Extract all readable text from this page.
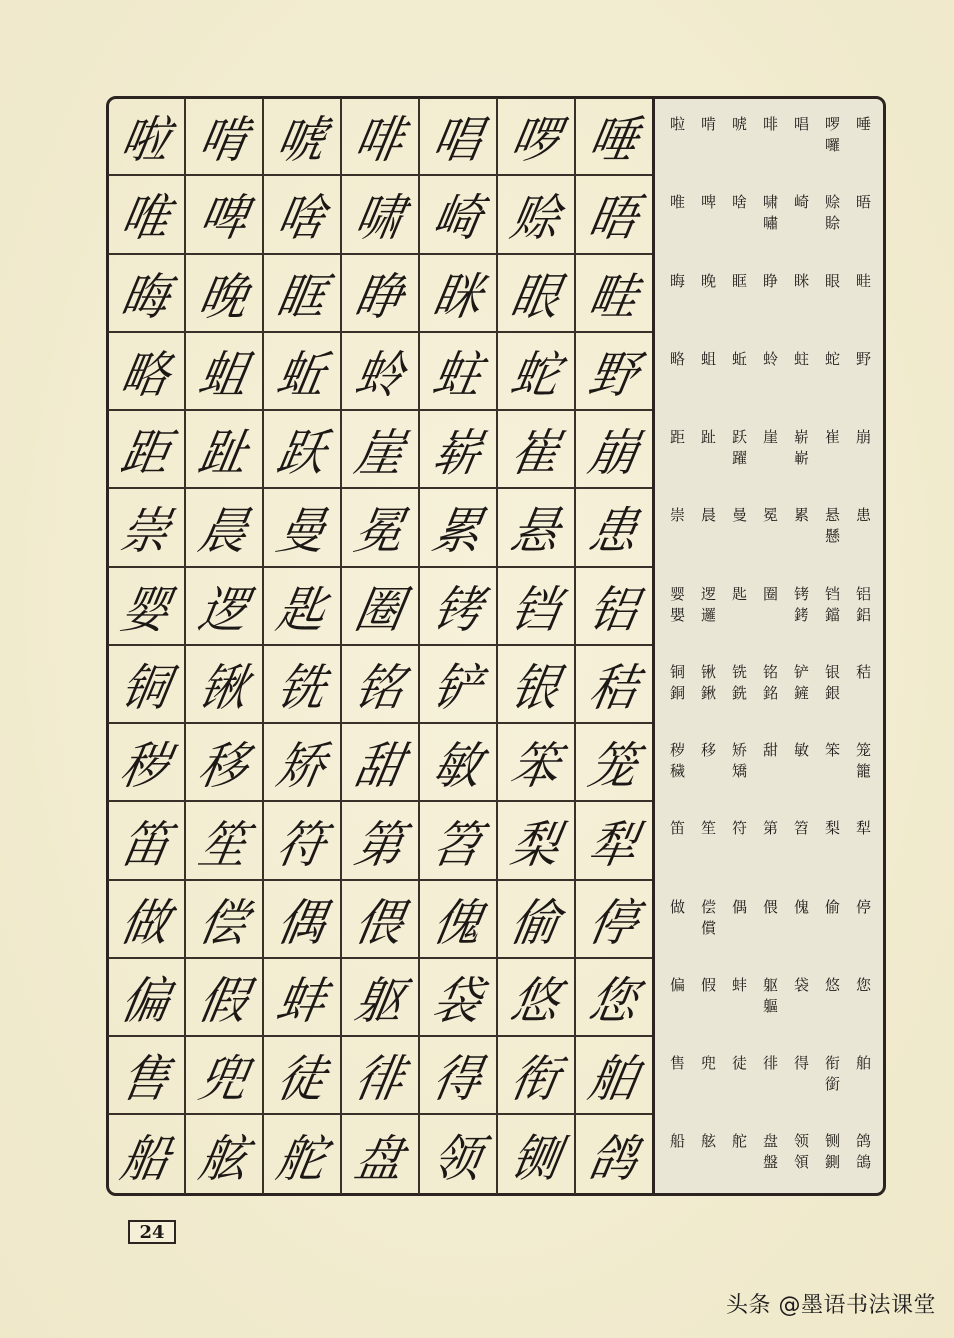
啦 啃 唬 啡 唱 啰 唾
唯 啤 啥 啸 崎 赊 晤
晦 晚 眶 睁 眯 眼 畦
略 蛆 蚯 蛉 蛀 蛇 野
距 趾 跃 崖 崭 崔 崩
崇 晨 曼 冕 累 悬 患
婴 逻 匙 圈 铐 铛 铝
铜 锹 铣 铭 铲 银 秸
秽 移 矫 甜 敏 笨 笼
笛 笙 符 第 笤 梨 犁
做 偿 偶 偎 傀 偷 停
偏 假 蚌 躯 袋 悠 您
售 兜 徒 徘 得 衔 舶
船 舷 舵 盘 领 铡 鸽
啦 啃 唬 啡 唱 啰
囉
唾
唯 啤 啥 啸
嘯
崎 赊
賒
晤
晦 晚 眶 睁 眯 眼 畦
略 蛆 蚯 蛉 蛀 蛇 野
距 趾 跃
躍
崖 崭
嶄
崔 崩
崇 晨 曼 冕 累 悬
懸
患
婴
嬰
逻
邏
匙 圈 铐
銬
铛
鐺
铝
鋁
铜
銅
锹
鍬
铣
銑
铭
銘
铲
鏟
银
銀
秸
秽
穢
移 矫
矯
甜 敏 笨 笼
籠
笛 笙 符 第 笤 梨 犁
做 偿
償
偶 偎 傀 偷 停
偏 假 蚌 躯
軀
袋 悠 您
售 兜 徒 徘 得 衔
銜
舶
船 舷 舵 盘
盤
领
領
铡
鍘
鸽
鴿
24
头条 @墨语书法课堂
